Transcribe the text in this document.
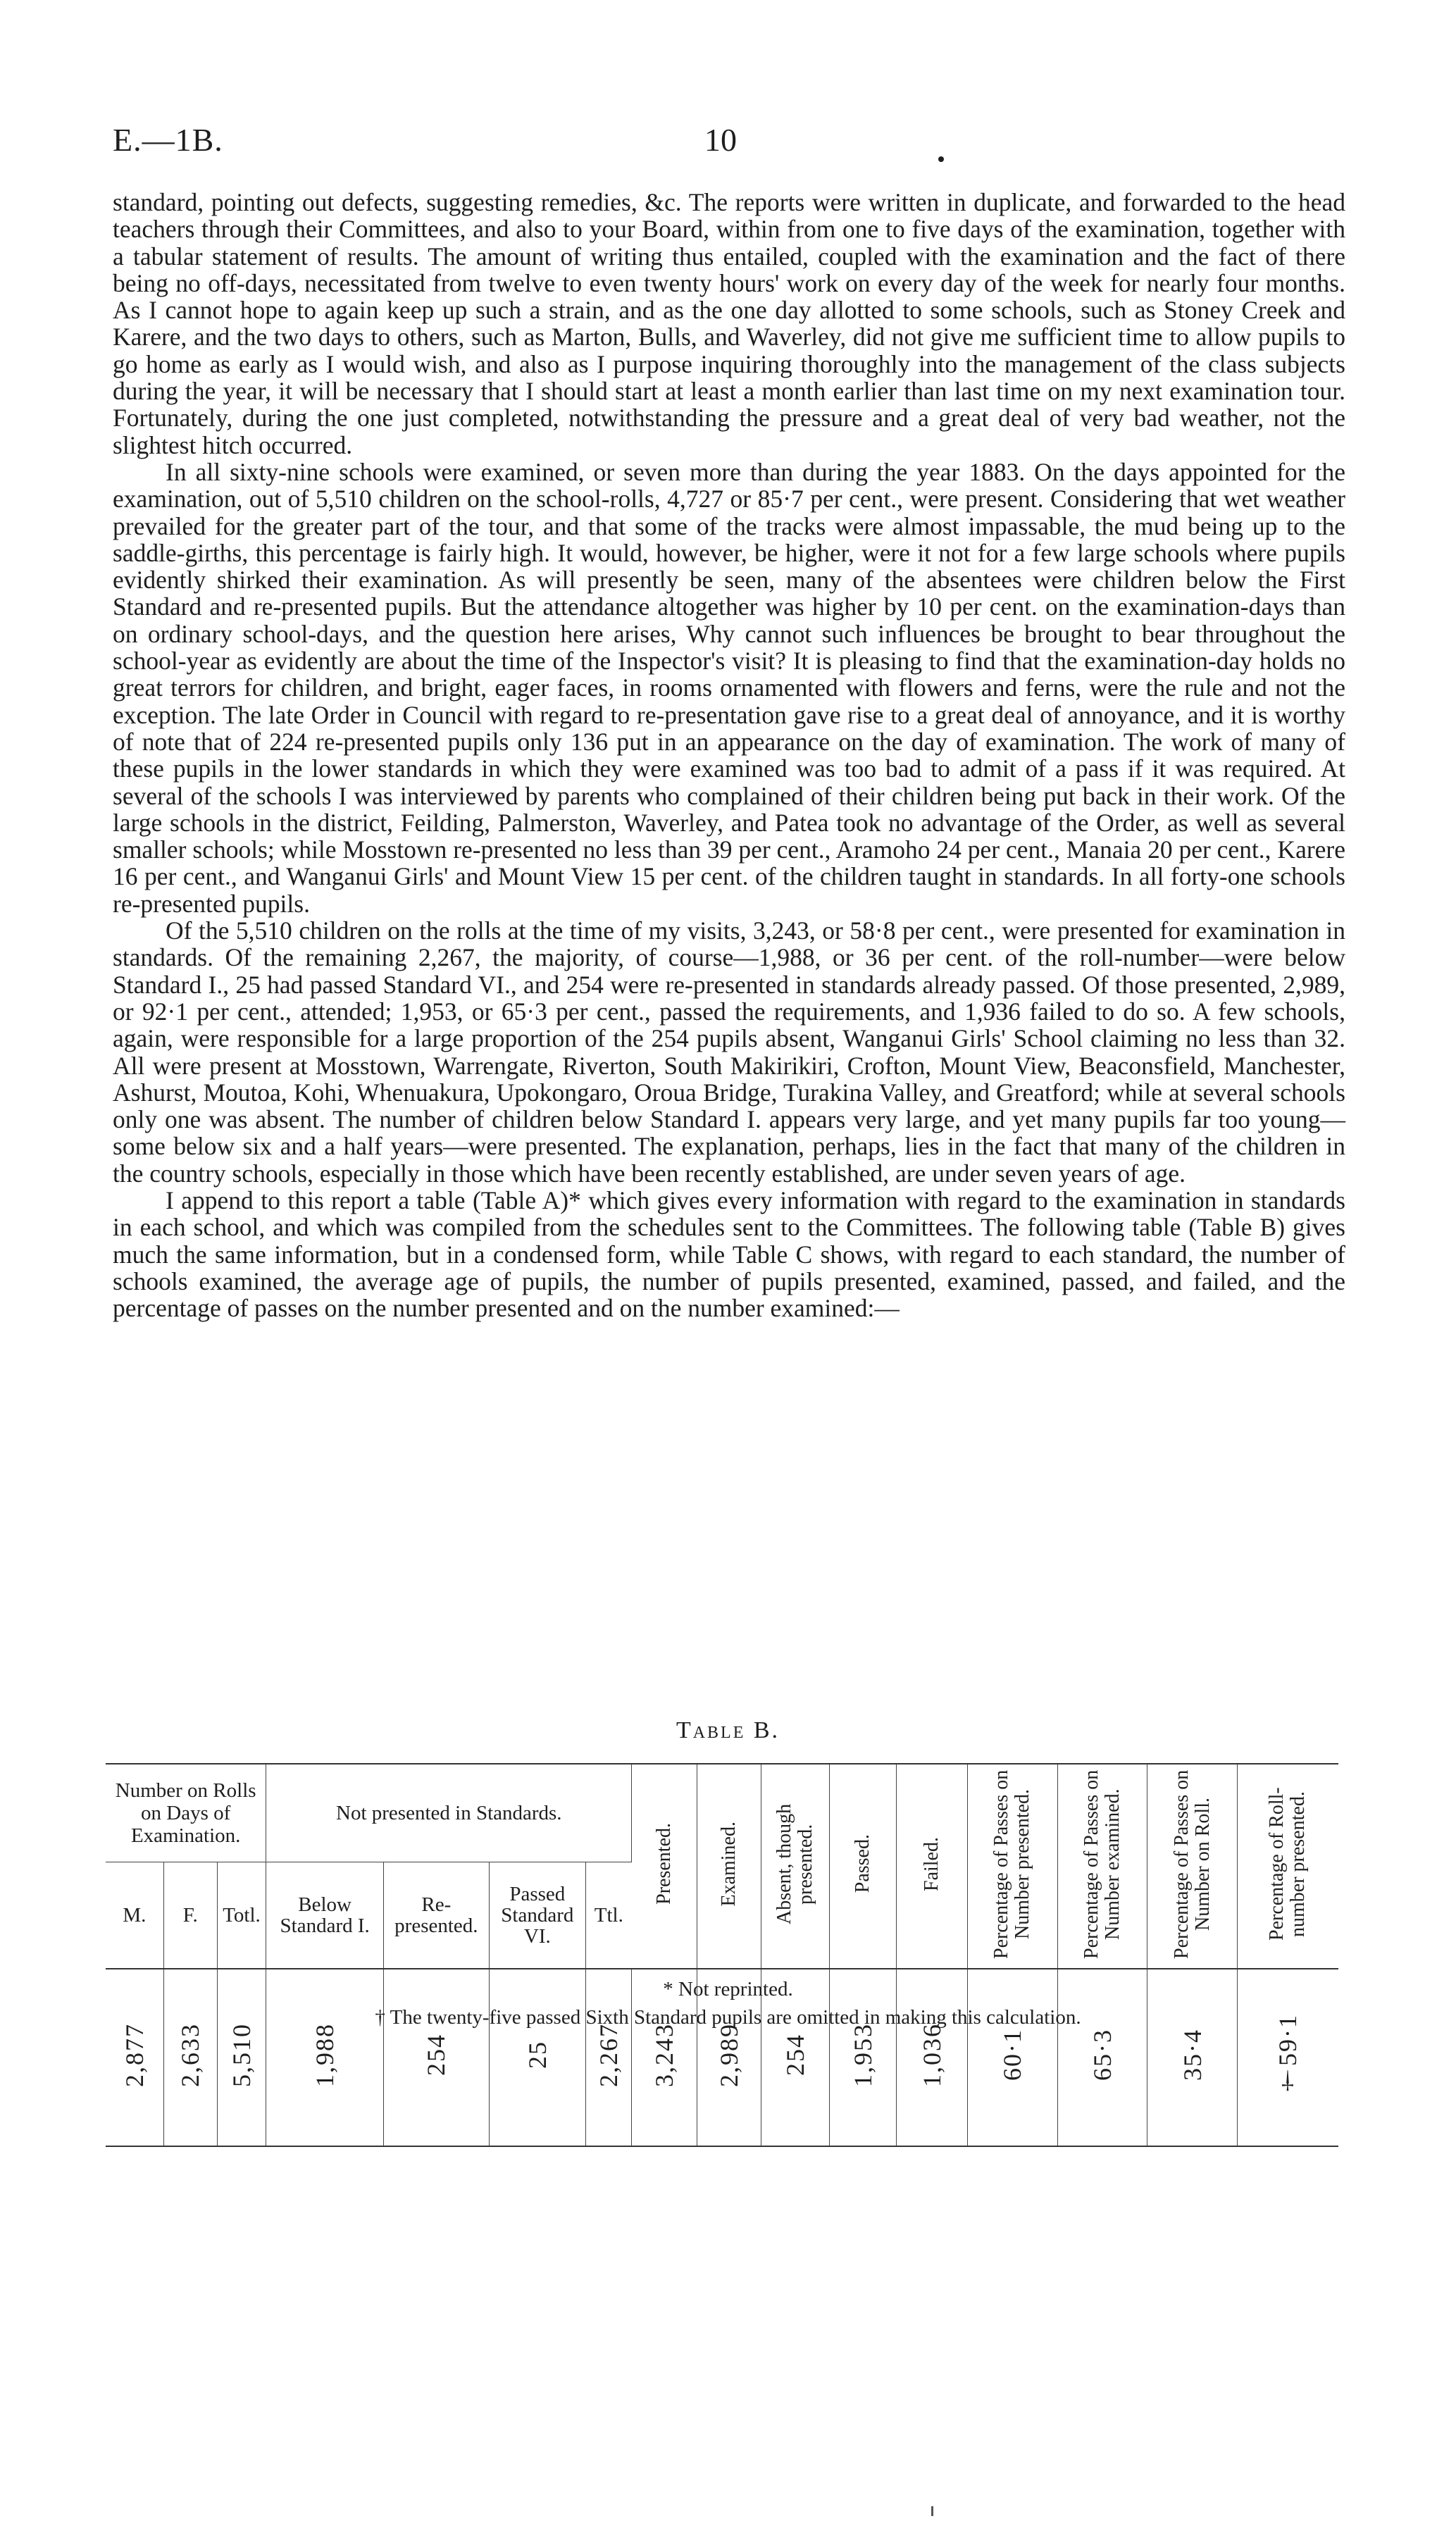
E.—1B.	10

standard, pointing out defects, suggesting remedies, &c. The reports were written in duplicate, and forwarded to the head teachers through their Committees, and also to your Board, within from one to five days of the examination, together with a tabular statement of results. The amount of writing thus entailed, coupled with the examination and the fact of there being no off-days, necessitated from twelve to even twenty hours' work on every day of the week for nearly four months. As I cannot hope to again keep up such a strain, and as the one day allotted to some schools, such as Stoney Creek and Karere, and the two days to others, such as Marton, Bulls, and Waverley, did not give me sufficient time to allow pupils to go home as early as I would wish, and also as I purpose inquiring thoroughly into the management of the class subjects during the year, it will be necessary that I should start at least a month earlier than last time on my next examination tour. Fortunately, during the one just completed, notwithstanding the pressure and a great deal of very bad weather, not the slightest hitch occurred.

In all sixty-nine schools were examined, or seven more than during the year 1883. On the days appointed for the examination, out of 5,510 children on the school-rolls, 4,727 or 85·7 per cent., were present. Considering that wet weather prevailed for the greater part of the tour, and that some of the tracks were almost impassable, the mud being up to the saddle-girths, this percentage is fairly high. It would, however, be higher, were it not for a few large schools where pupils evidently shirked their examination. As will presently be seen, many of the absentees were children below the First Standard and re-presented pupils. But the attendance altogether was higher by 10 per cent. on the examination-days than on ordinary school-days, and the question here arises, Why cannot such influences be brought to bear throughout the school-year as evidently are about the time of the Inspector's visit? It is pleasing to find that the examination-day holds no great terrors for children, and bright, eager faces, in rooms ornamented with flowers and ferns, were the rule and not the exception. The late Order in Council with regard to re-presentation gave rise to a great deal of annoyance, and it is worthy of note that of 224 re-presented pupils only 136 put in an appearance on the day of examination. The work of many of these pupils in the lower standards in which they were examined was too bad to admit of a pass if it was required. At several of the schools I was interviewed by parents who complained of their children being put back in their work. Of the large schools in the district, Feilding, Palmerston, Waverley, and Patea took no advantage of the Order, as well as several smaller schools; while Mosstown re-presented no less than 39 per cent., Aramoho 24 per cent., Manaia 20 per cent., Karere 16 per cent., and Wanganui Girls' and Mount View 15 per cent. of the children taught in standards. In all forty-one schools re-presented pupils.

Of the 5,510 children on the rolls at the time of my visits, 3,243, or 58·8 per cent., were presented for examination in standards. Of the remaining 2,267, the majority, of course—1,988, or 36 per cent. of the roll-number—were below Standard I., 25 had passed Standard VI., and 254 were re-presented in standards already passed. Of those presented, 2,989, or 92·1 per cent., attended; 1,953, or 65·3 per cent., passed the requirements, and 1,936 failed to do so. A few schools, again, were responsible for a large proportion of the 254 pupils absent, Wanganui Girls' School claiming no less than 32. All were present at Mosstown, Warrengate, Riverton, South Makirikiri, Crofton, Mount View, Beaconsfield, Manchester, Ashurst, Moutoa, Kohi, Whenuakura, Upokongaro, Oroua Bridge, Turakina Valley, and Greatford; while at several schools only one was absent. The number of children below Standard I. appears very large, and yet many pupils far too young—some below six and a half years—were presented. The explanation, perhaps, lies in the fact that many of the children in the country schools, especially in those which have been recently established, are under seven years of age.

I append to this report a table (Table A)* which gives every information with regard to the examination in standards in each school, and which was compiled from the schedules sent to the Committees. The following table (Table B) gives much the same information, but in a condensed form, while Table C shows, with regard to each standard, the number of schools examined, the average age of pupils, the number of pupils presented, examined, passed, and failed, and the percentage of passes on the number presented and on the number examined:—

Table B.
Number on Rolls on Days of Examination.			Not presented in Standards.				Presented.	Examined.	Absent, though presented.	Passed.	Failed.	Percentage of Passes on Number presented.	Percentage of Passes on Number examined.	Percentage of Passes on Number on Roll.	Percentage of Roll-number presented.
M.	F.	Totl.	Below Standard I.	Re-presented.	Passed Standard VI.	Ttl.									
2,877	2,633	5,510	1,988	254	25	2,267	3,243	2,989	254	1,953	1,036	60·1	65·3	35·4	†59·1
* Not reprinted.
† The twenty-five passed Sixth Standard pupils are omitted in making this calculation.
